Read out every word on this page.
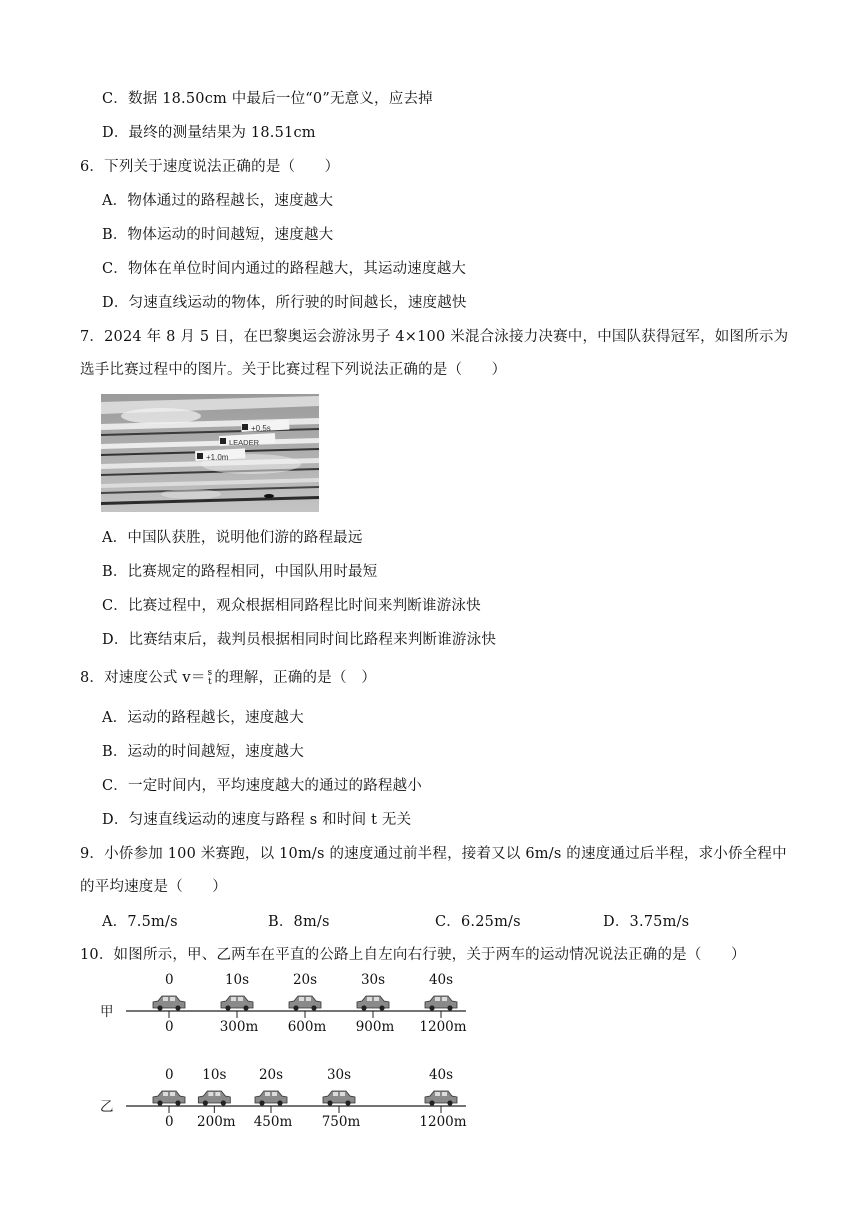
C．数据 18.50cm 中最后一位“0”无意义，应去掉
D．最终的测量结果为 18.51cm
6．下列关于速度说法正确的是（　　）
A．物体通过的路程越长，速度越大
B．物体运动的时间越短，速度越大
C．物体在单位时间内通过的路程越大，其运动速度越大
D．匀速直线运动的物体，所行驶的时间越长，速度越快
7．2024 年 8 月 5 日，在巴黎奥运会游泳男子 4×100 米混合泳接力决赛中，中国队获得冠军，如图所示为
选手比赛过程中的图片。关于比赛过程下列说法正确的是（　　）
+0.5s
LEADER
+1.0m
A．中国队获胜，说明他们游的路程最远
B．比赛规定的路程相同，中国队用时最短
C．比赛过程中，观众根据相同路程比时间来判断谁游泳快
D．比赛结束后，裁判员根据相同时间比路程来判断谁游泳快
8．对速度公式 v＝ s
t 的理解，正确的是（　）
A．运动的路程越长，速度越大
B．运动的时间越短，速度越大
C．一定时间内，平均速度越大的通过的路程越小
D．匀速直线运动的速度与路程 s 和时间 t 无关
9．小侨参加 100 米赛跑，以 10m/s 的速度通过前半程，接着又以 6m/s 的速度通过后半程，求小侨全程中
的平均速度是（　　）
A．7.5m/s	B．8m/s	C．6.25m/s	D．3.75m/s
10．如图所示，甲、乙两车在平直的公路上自左向右行驶，关于两车的运动情况说法正确的是（　　）
甲
0
0
10s
300m
20s
600m
30s
900m
40s
1200m
乙
0
0
10s
200m
20s
450m
30s
750m
40s
1200m
